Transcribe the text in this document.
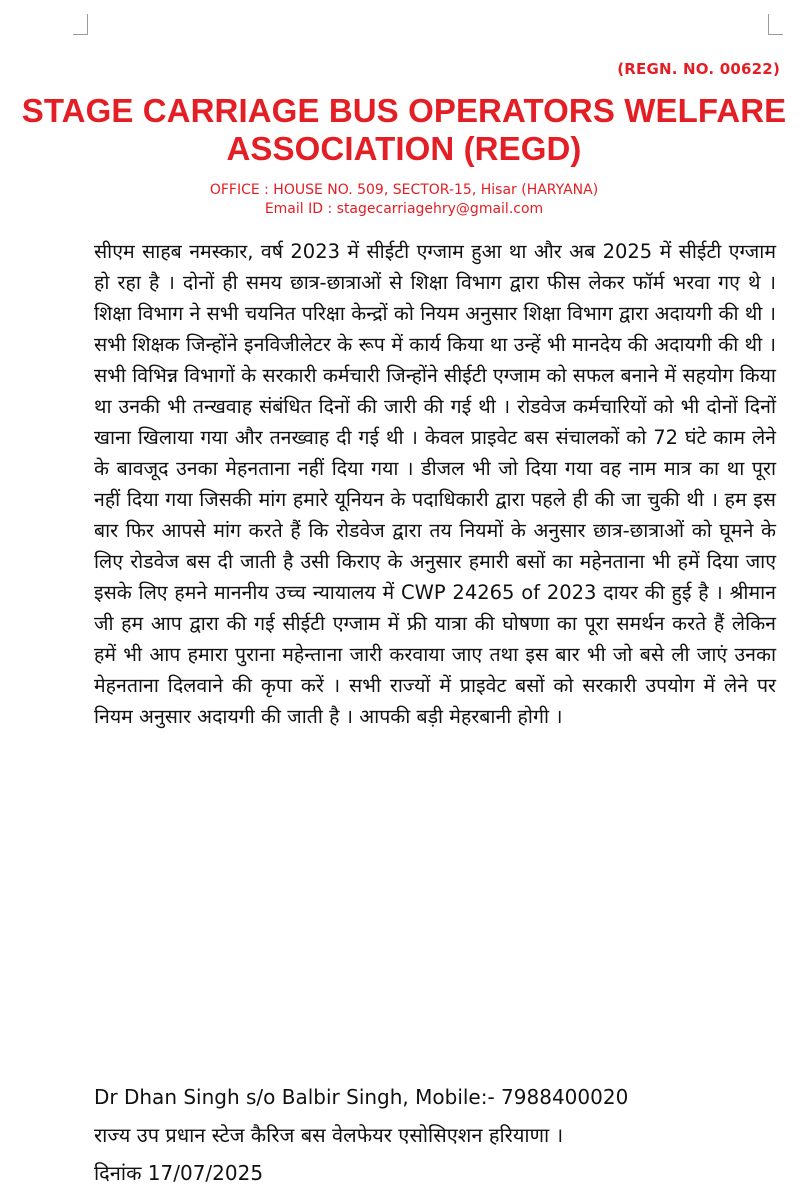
(REGN. NO. 00622)
STAGE CARRIAGE BUS OPERATORS WELFARE ASSOCIATION (REGD)
OFFICE : HOUSE NO. 509, SECTOR-15, Hisar (HARYANA)
Email ID : stagecarriagehry@gmail.com
सीएम साहब नमस्कार, वर्ष 2023 में सीईटी एग्जाम हुआ था और अब 2025 में सीईटी एग्जाम हो रहा है । दोनों ही समय छात्र-छात्राओं से शिक्षा विभाग द्वारा फीस लेकर फॉर्म भरवा गए थे । शिक्षा विभाग ने सभी चयनित परिक्षा केन्द्रों को नियम अनुसार शिक्षा विभाग द्वारा अदायगी की थी । सभी शिक्षक जिन्होंने इनविजीलेटर के रूप में कार्य किया था उन्हें भी मानदेय की अदायगी की थी । सभी विभिन्न विभागों के सरकारी कर्मचारी जिन्होंने सीईटी एग्जाम को सफल बनाने में सहयोग किया था उनकी भी तन्खवाह संबंधित दिनों की जारी की गई थी । रोडवेज कर्मचारियों को भी दोनों दिनों खाना खिलाया गया और तनख्वाह दी गई थी । केवल प्राइवेट बस संचालकों को 72 घंटे काम लेने के बावजूद उनका मेहनताना नहीं दिया गया । डीजल भी जो दिया गया वह नाम मात्र का था पूरा नहीं दिया गया जिसकी मांग हमारे यूनियन के पदाधिकारी द्वारा पहले ही की जा चुकी थी । हम इस बार फिर आपसे मांग करते हैं कि रोडवेज द्वारा तय नियमों के अनुसार छात्र-छात्राओं को घूमने के लिए रोडवेज बस दी जाती है उसी किराए के अनुसार हमारी बसों का महेनताना भी हमें दिया जाए इसके लिए हमने माननीय उच्च न्यायालय में CWP 24265 of 2023 दायर की हुई है । श्रीमान जी हम आप द्वारा की गई सीईटी एग्जाम में फ्री यात्रा की घोषणा का पूरा समर्थन करते हैं लेकिन हमें भी आप हमारा पुराना महेन्ताना जारी करवाया जाए तथा इस बार भी जो बसे ली जाएं उनका मेहनताना दिलवाने की कृपा करें । सभी राज्यों में प्राइवेट बसों को सरकारी उपयोग में लेने पर नियम अनुसार अदायगी की जाती है । आपकी बड़ी मेहरबानी होगी ।
Dr Dhan Singh s/o Balbir Singh, Mobile:- 7988400020
राज्य उप प्रधान स्टेज कैरिज बस वेलफेयर एसोसिएशन हरियाणा ।
दिनांक 17/07/2025
